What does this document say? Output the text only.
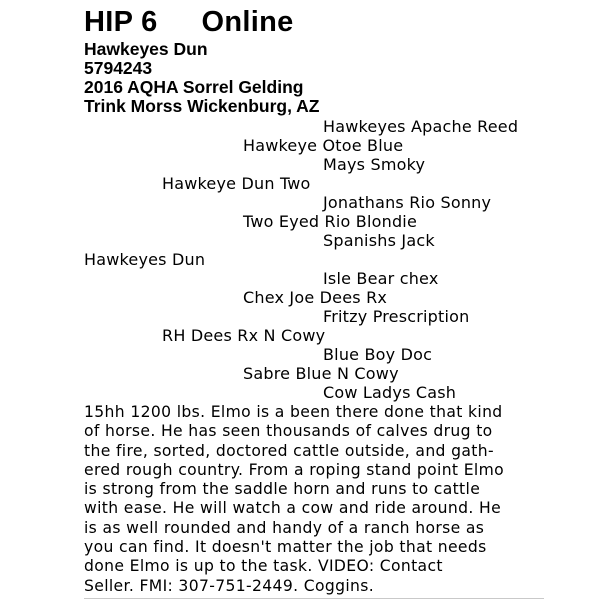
HIP 6 Online
Hawkeyes Dun
5794243
2016 AQHA Sorrel Gelding
Trink Morss Wickenburg, AZ
Hawkeyes Apache Reed
Hawkeye Otoe Blue
Mays Smoky
Hawkeye Dun Two
Jonathans Rio Sonny
Two Eyed Rio Blondie
Spanishs Jack
Hawkeyes Dun
Isle Bear chex
Chex Joe Dees Rx
Fritzy Prescription
RH Dees Rx N Cowy
Blue Boy Doc
Sabre Blue N Cowy
Cow Ladys Cash
15hh 1200 lbs. Elmo is a been there done that kind
of horse. He has seen thousands of calves drug to
the fire, sorted, doctored cattle outside, and gath-
ered rough country. From a roping stand point Elmo
is strong from the saddle horn and runs to cattle
with ease. He will watch a cow and ride around. He
is as well rounded and handy of a ranch horse as
you can find. It doesn't matter the job that needs
done Elmo is up to the task. VIDEO: Contact
Seller. FMI: 307-751-2449. Coggins.
